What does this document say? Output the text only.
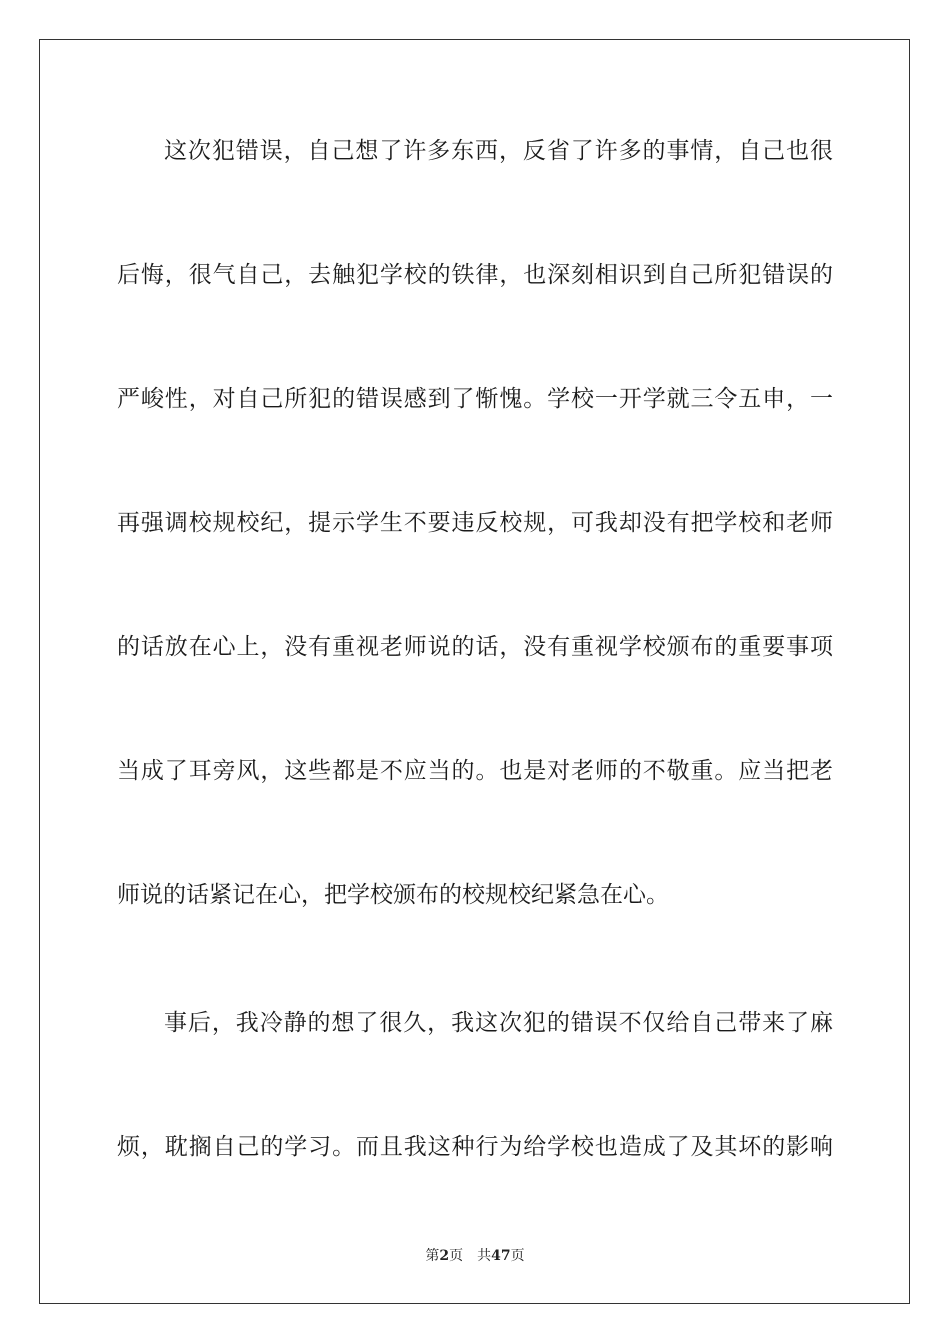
这次犯错误，自己想了许多东西，反省了许多的事情，自己也很
后悔，很气自己，去触犯学校的铁律，也深刻相识到自己所犯错误的
严峻性，对自己所犯的错误感到了惭愧。学校一开学就三令五申，一
再强调校规校纪，提示学生不要违反校规，可我却没有把学校和老师
的话放在心上，没有重视老师说的话，没有重视学校颁布的重要事项
当成了耳旁风，这些都是不应当的。也是对老师的不敬重。应当把老
师说的话紧记在心，把学校颁布的校规校纪紧急在心。
事后，我冷静的想了很久，我这次犯的错误不仅给自己带来了麻
烦，耽搁自己的学习。而且我这种行为给学校也造成了及其坏的影响
第2页 共47页
